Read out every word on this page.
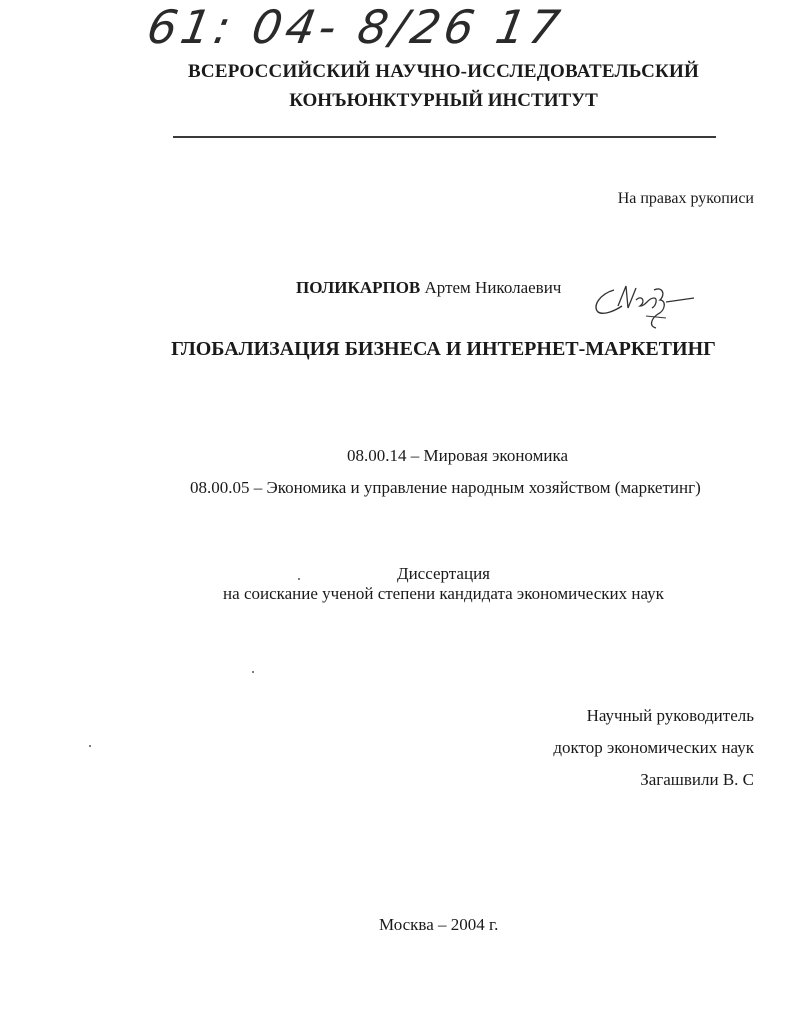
61: 04- 8/26 17
ВСЕРОССИЙСКИЙ НАУЧНО-ИССЛЕДОВАТЕЛЬСКИЙ
КОНЪЮНКТУРНЫЙ ИНСТИТУТ
На правах рукописи
ПОЛИКАРПОВ Артем Николаевич
ГЛОБАЛИЗАЦИЯ БИЗНЕСА И ИНТЕРНЕТ-МАРКЕТИНГ
08.00.14 – Мировая экономика
08.00.05 – Экономика и управление народным хозяйством (маркетинг)
Диссертация
на соискание ученой степени кандидата экономических наук
Научный руководитель
доктор экономических наук
Загашвили В. С
Москва – 2004 г.
